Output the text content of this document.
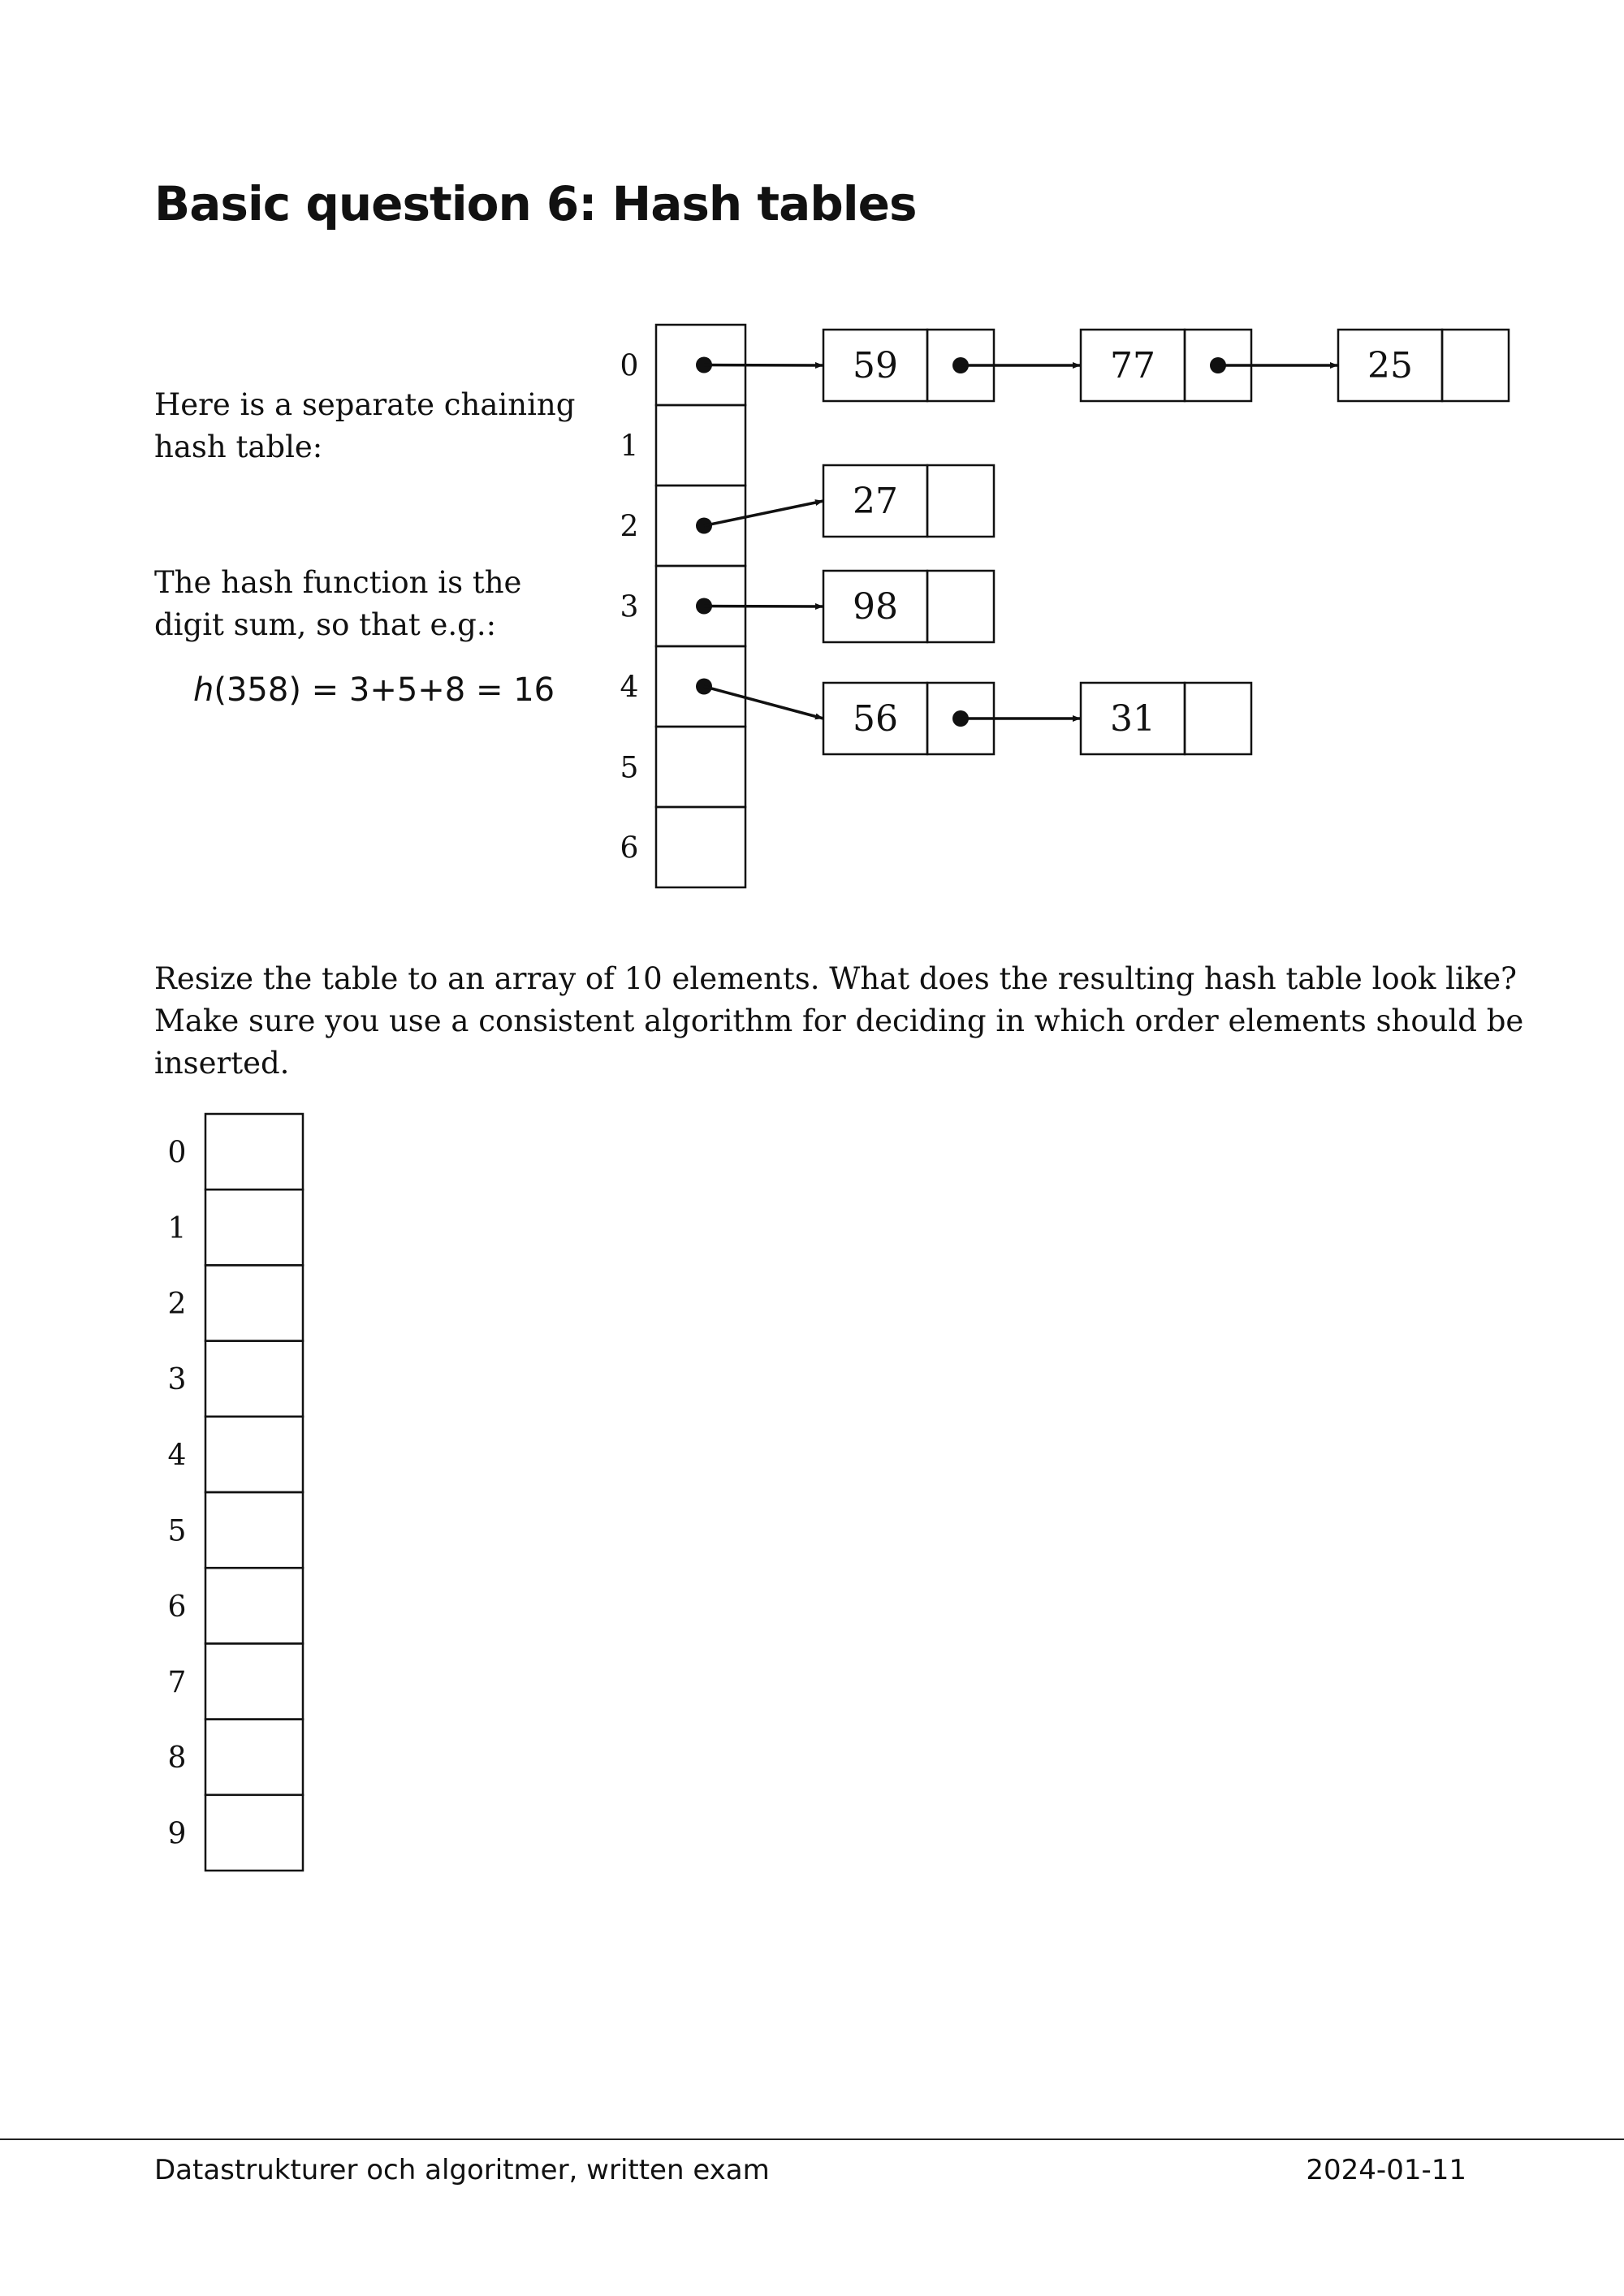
Basic question 6: Hash tables

Here is a separate chaining
hash table:

The hash function is the
digit sum, so that e.g.:

h(358) = 3+5+8 = 16
0
1
2
3
4
5
6
59	77	25
27
98
56	31

Resize the table to an array of 10 elements. What does the resulting hash table look like?
Make sure you use a consistent algorithm for deciding in which order elements should be inserted.

0
1
2
3
4
5
6
7
8
9
Datastrukturer och algoritmer, written exam	2024-01-11
